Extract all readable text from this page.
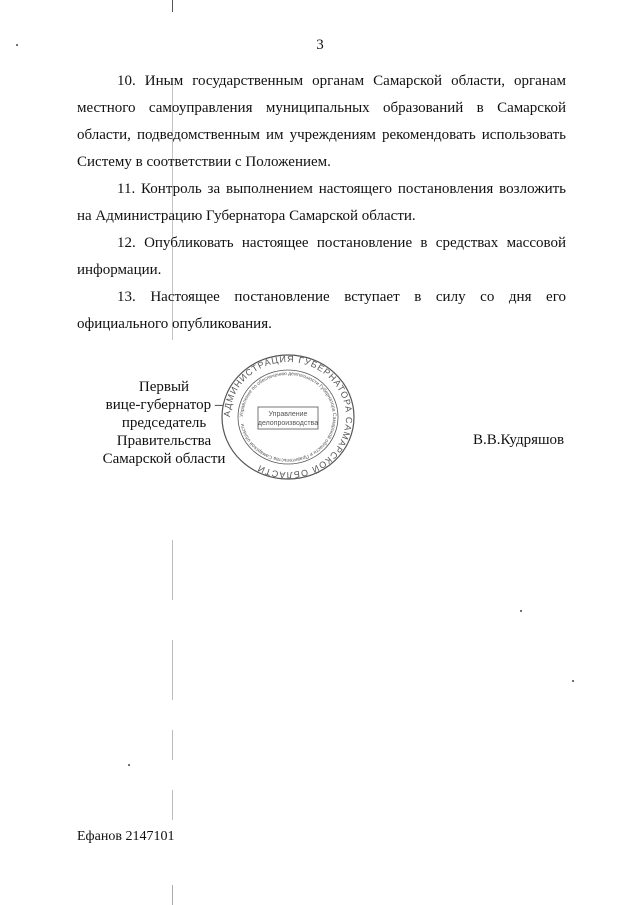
3

10. Иным государственным органам Самарской области, органам

местного самоуправления муниципальных образований в Самарской области, подведомственным им учреждениям рекомендовать использовать Систему в соответствии с Положением.

11. Контроль за выполнением настоящего постановления возложить

на Администрацию Губернатора Самарской области.

12. Опубликовать настоящее постановление в средствах массовой

информации.

13. Настоящее постановление вступает в силу со дня его

официального опубликования.

Первый
вице-губернатор –
председатель Правительства
Самарской области
В.В.Кудряшов
АДМИНИСТРАЦИЯ ГУБЕРНАТОРА САМАРСКОЙ ОБЛАСТИ
Управление по обеспечению деятельности Губернатора Самарской области и Правительства Самарской области
Управление
делопроизводства
Ефанов 2147101
